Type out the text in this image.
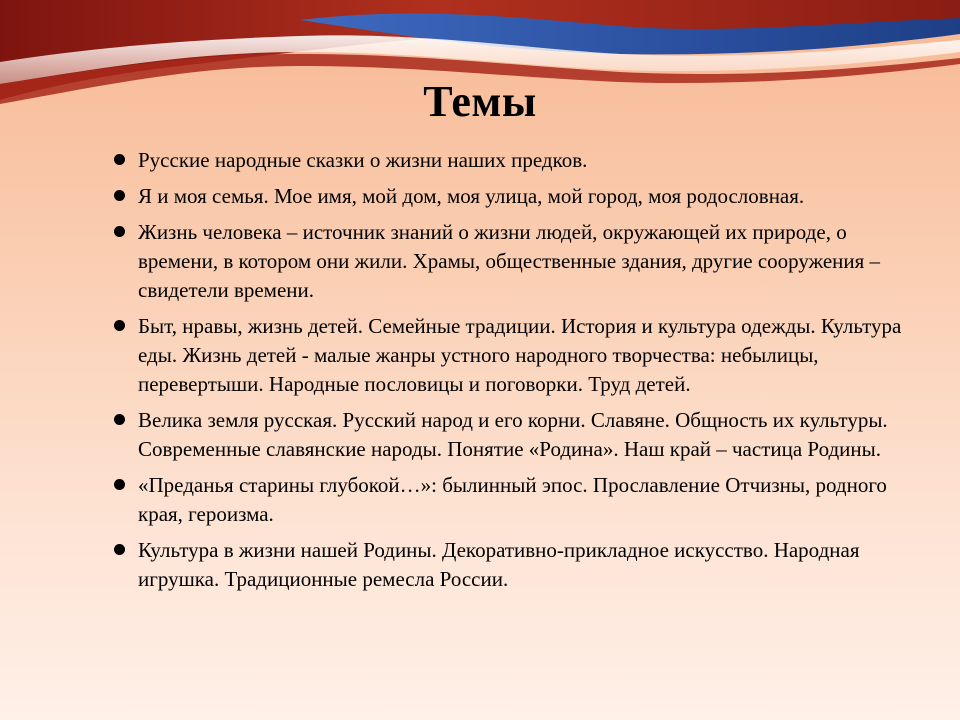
Темы
Русские народные сказки о жизни наших предков.
Я и моя семья. Мое имя, мой дом, моя улица, мой город, моя родословная.
Жизнь человека – источник знаний о жизни людей, окружающей их природе, о времени, в котором они жили. Храмы, общественные здания, другие сооружения – свидетели времени.
Быт, нравы, жизнь детей. Семейные традиции. История и культура одежды. Культура еды. Жизнь детей - малые жанры устного народного творчества: небылицы, перевертыши. Народные пословицы и поговорки. Труд детей.
Велика земля русская. Русский народ и его корни. Славяне. Общность их культуры. Современные славянские народы. Понятие «Родина». Наш край – частица Родины.
«Преданья старины глубокой…»: былинный эпос. Прославление Отчизны, родного края, героизма.
Культура в жизни нашей Родины. Декоративно-прикладное искусство. Народная игрушка. Традиционные ремесла России.
